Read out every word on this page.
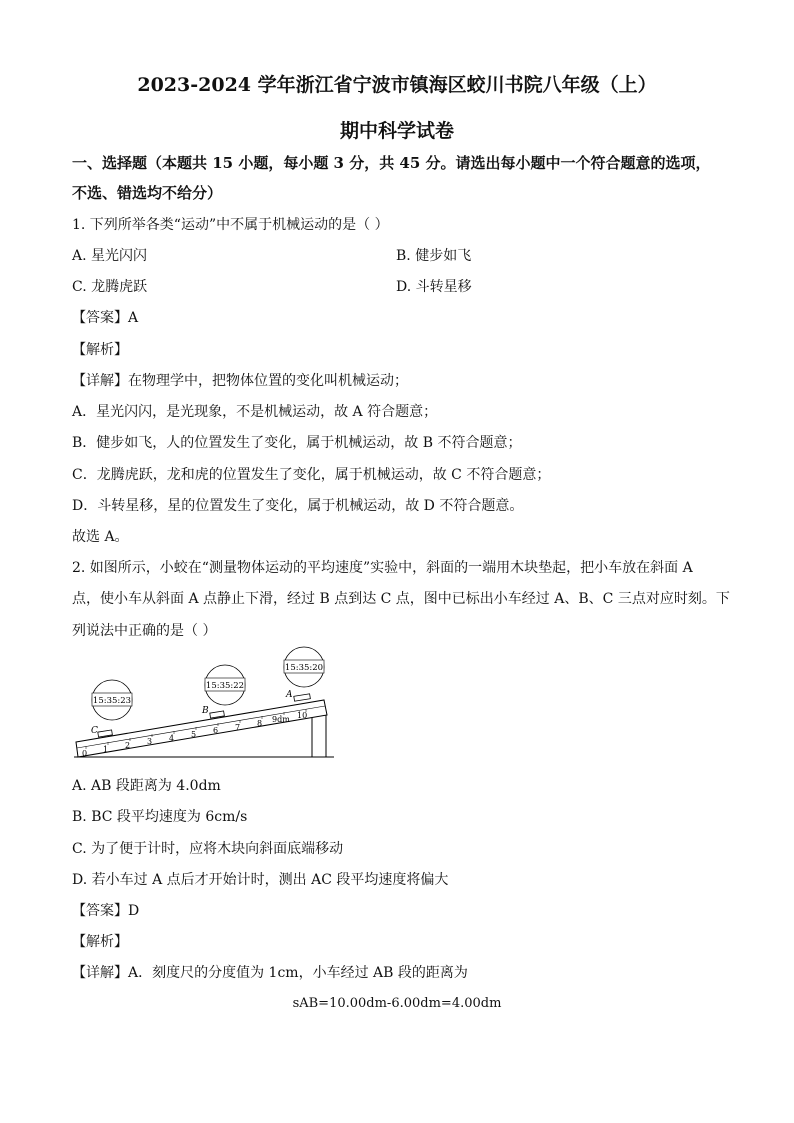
2023-2024 学年浙江省宁波市镇海区蛟川书院八年级（上）
期中科学试卷
一、选择题（本题共 15 小题，每小题 3 分，共 45 分。请选出每小题中一个符合题意的选项，
不选、错选均不给分）
1. 下列所举各类“运动”中不属于机械运动的是（ ）
A. 星光闪闪	B. 健步如飞
C. 龙腾虎跃	D. 斗转星移
【答案】A
【解析】
【详解】在物理学中，把物体位置的变化叫机械运动；
A．星光闪闪，是光现象，不是机械运动，故 A 符合题意；
B．健步如飞，人的位置发生了变化，属于机械运动，故 B 不符合题意；
C．龙腾虎跃，龙和虎的位置发生了变化，属于机械运动，故 C 不符合题意；
D．斗转星移，星的位置发生了变化，属于机械运动，故 D 不符合题意。
故选 A。
2. 如图所示，小蛟在“测量物体运动的平均速度”实验中，斜面的一端用木块垫起，把小车放在斜面 A
点，使小车从斜面 A 点静止下滑，经过 B 点到达 C 点，图中已标出小车经过 A、B、C 三点对应时刻。下
列说法中正确的是（ ）
0 1 2 3 4 5 6 7 8 9dm 10
C
B
A
15:35:23
15:35:22
15:35:20
A. AB 段距离为 4.0dm
B. BC 段平均速度为 6cm/s
C. 为了便于计时，应将木块向斜面底端移动
D. 若小车过 A 点后才开始计时，测出 AC 段平均速度将偏大
【答案】D
【解析】
【详解】A．刻度尺的分度值为 1cm，小车经过 AB 段的距离为
sAB=10.00dm-6.00dm=4.00dm
